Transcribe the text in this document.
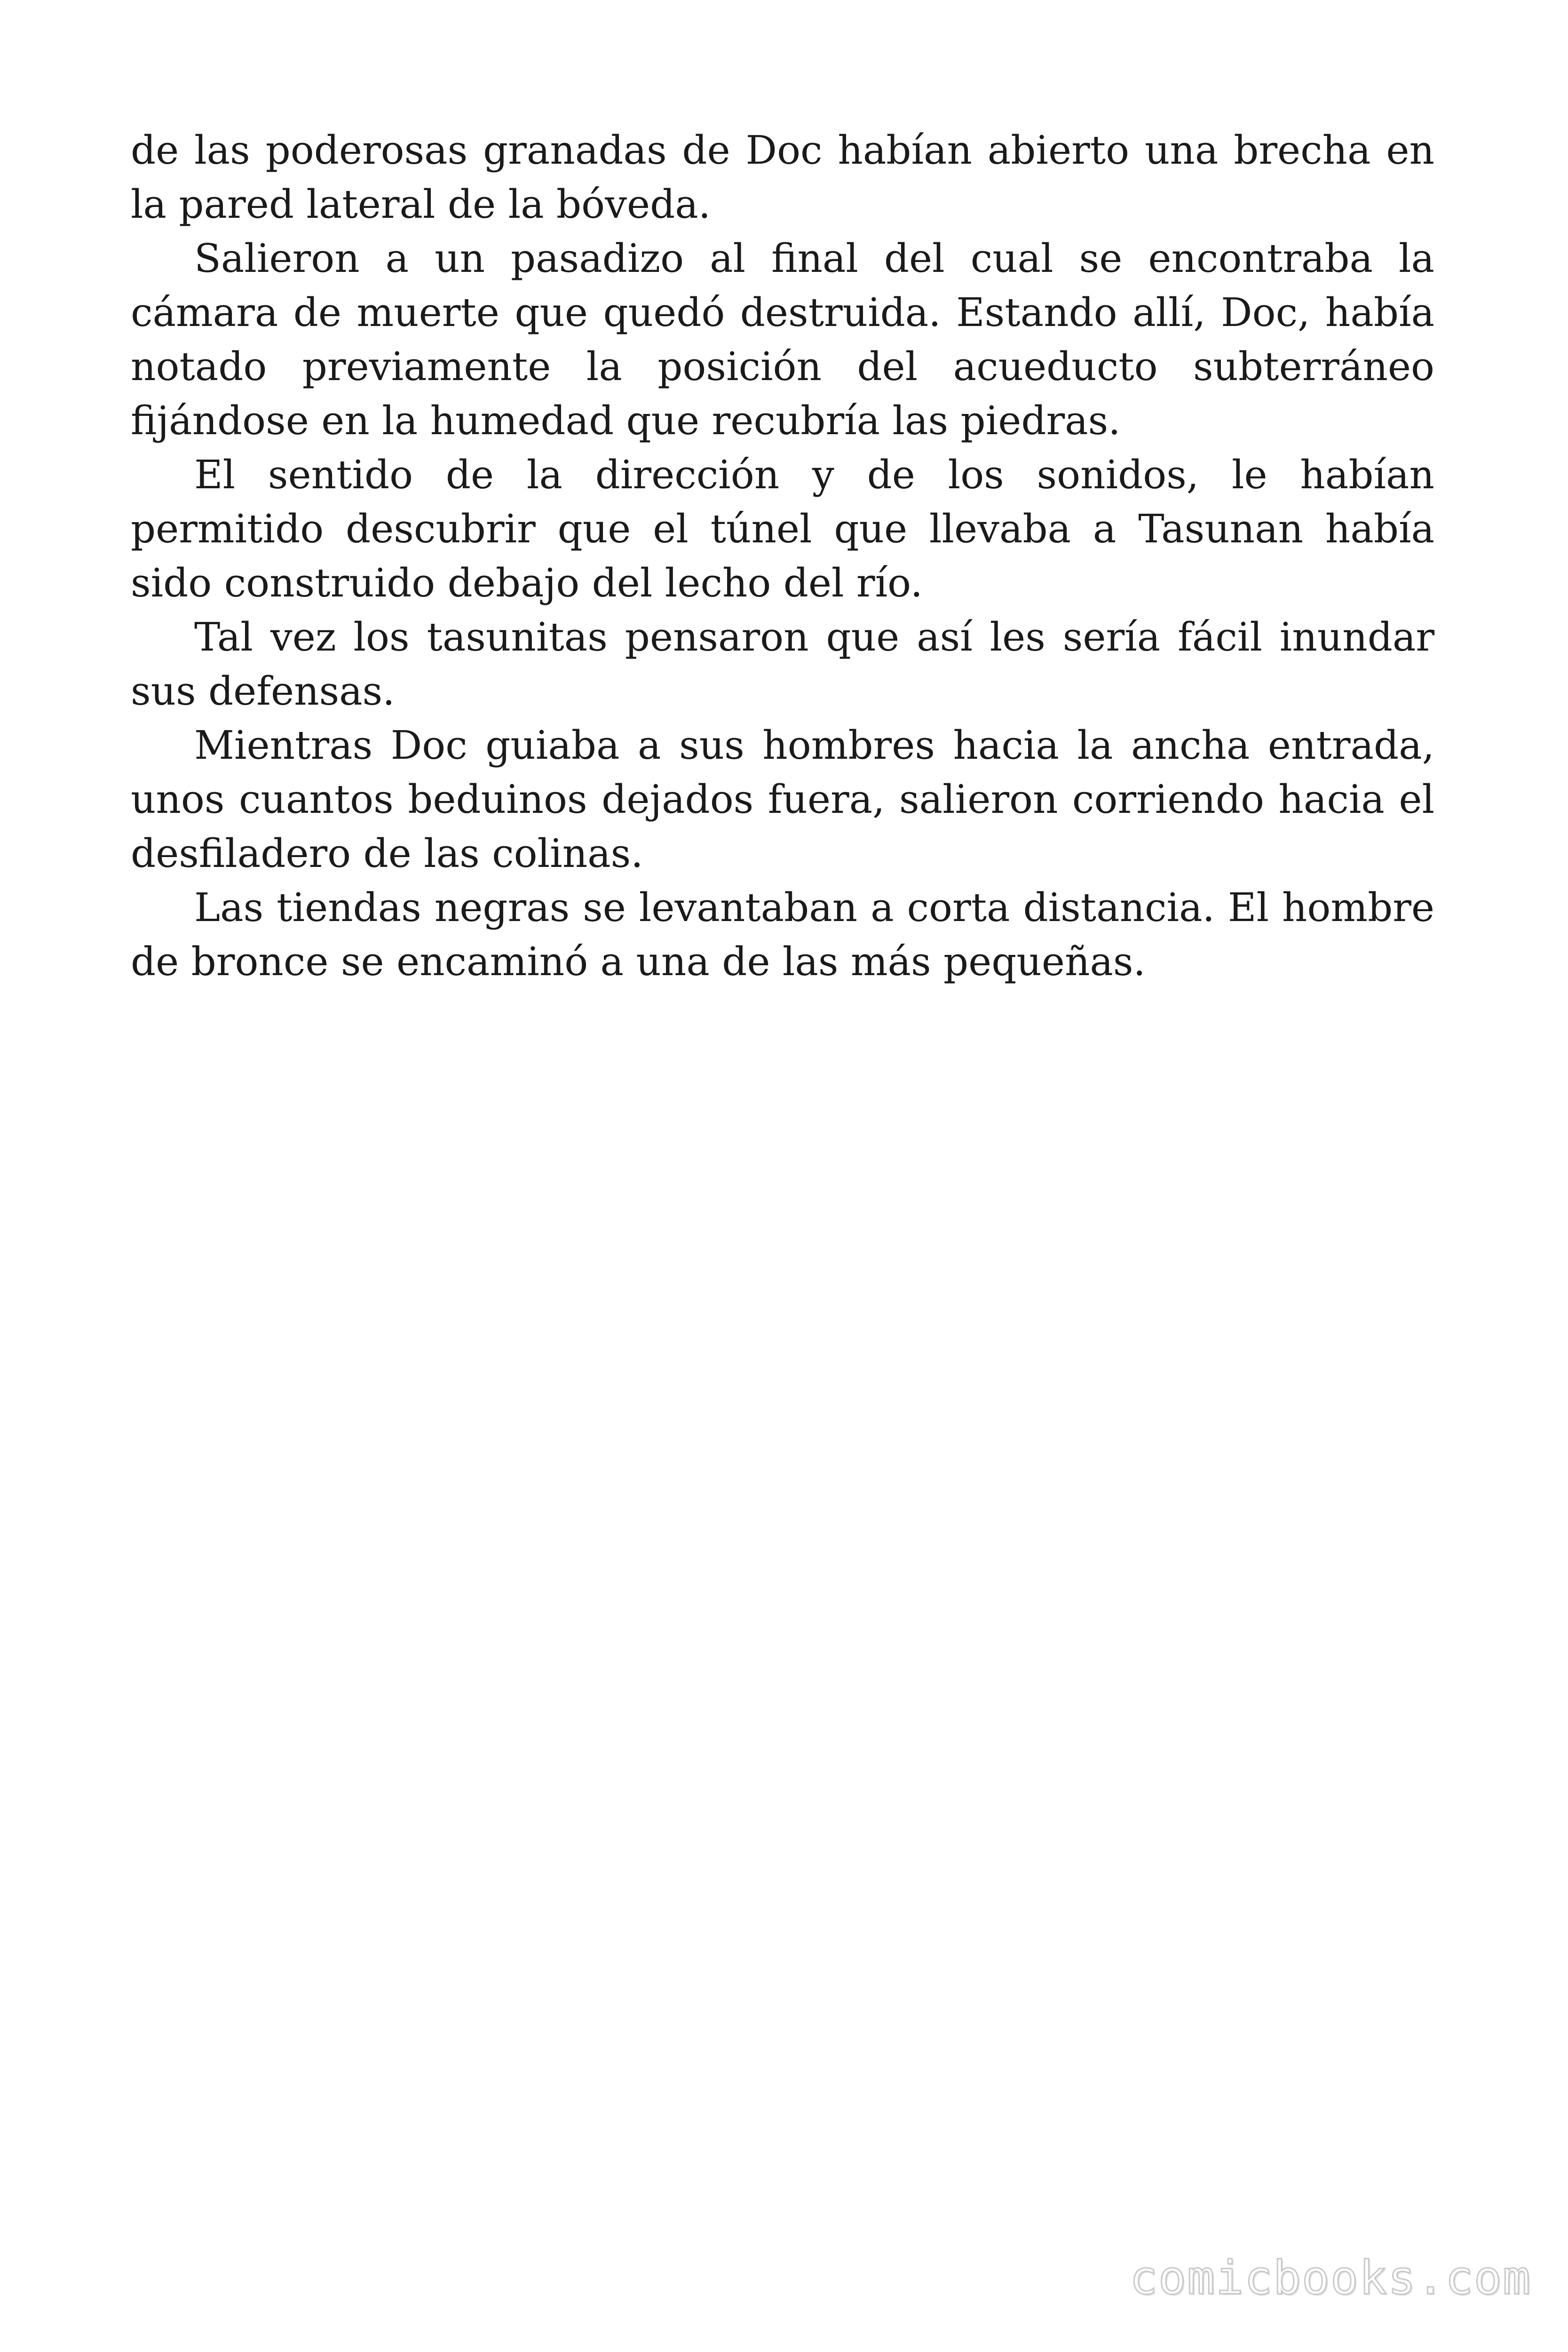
de las poderosas granadas de Doc habían abierto una brecha en la pared lateral de la bóveda.

Salieron a un pasadizo al final del cual se encontraba la cámara de muerte que quedó destruida. Estando allí, Doc, había notado previamente la posición del acueducto subterráneo fijándose en la humedad que recubría las piedras.

El sentido de la dirección y de los sonidos, le habían permitido descubrir que el túnel que llevaba a Tasunan había sido construido debajo del lecho del río.

Tal vez los tasunitas pensaron que así les sería fácil inundar sus defensas.

Mientras Doc guiaba a sus hombres hacia la ancha entrada, unos cuantos beduinos dejados fuera, salieron corriendo hacia el desfiladero de las colinas.

Las tiendas negras se levantaban a corta distancia. El hombre de bronce se encaminó a una de las más pequeñas.

comicbooks.com
